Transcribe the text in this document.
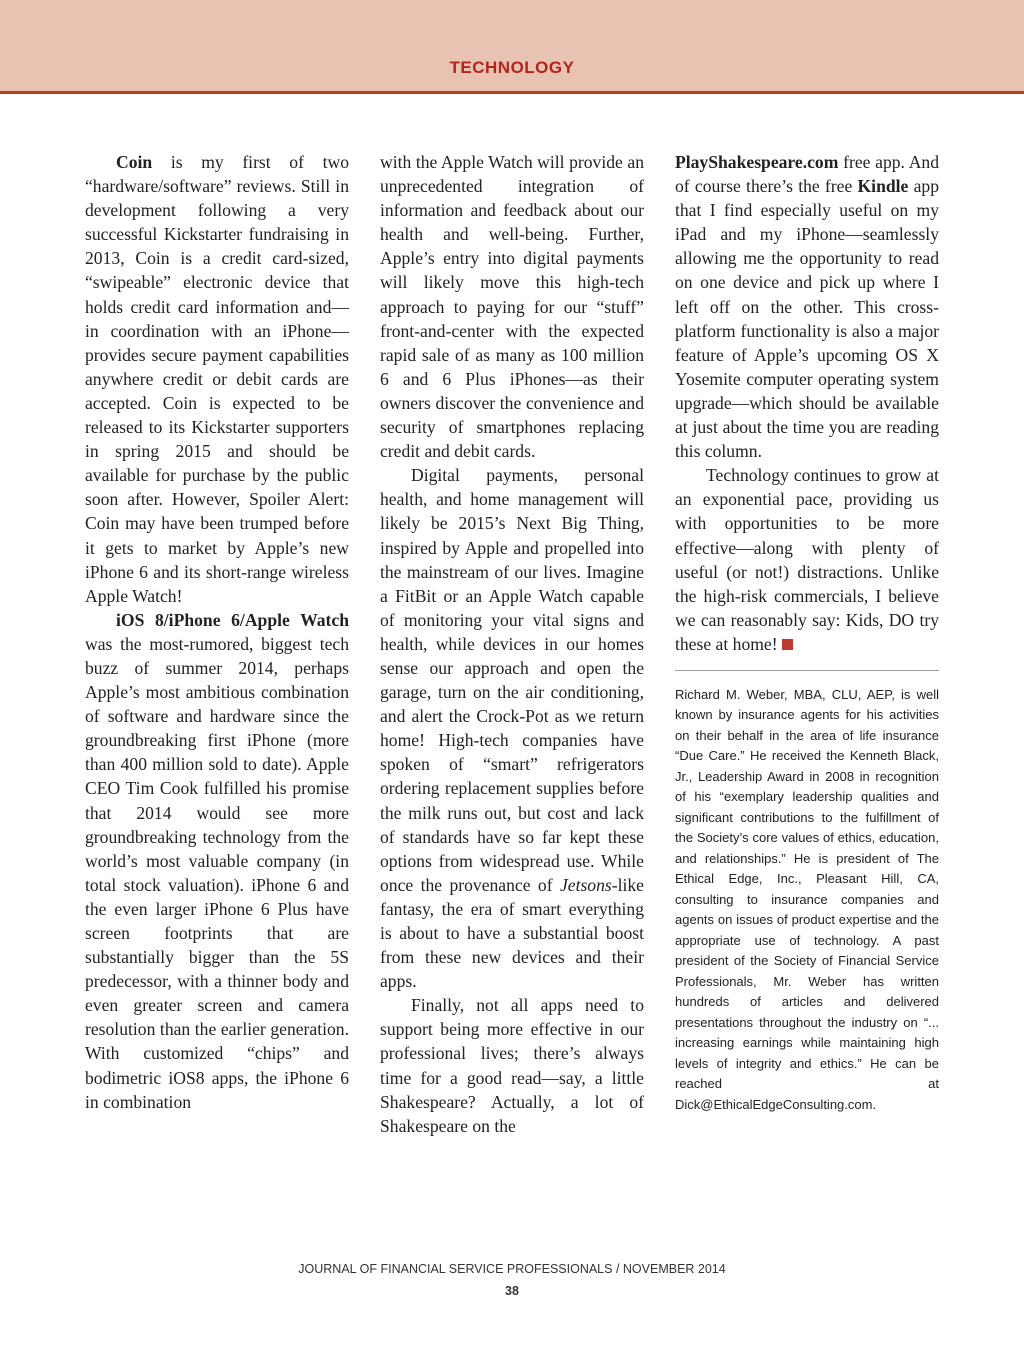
TECHNOLOGY

Coin is my first of two “hardware/software” reviews. Still in development following a very successful Kickstarter fundraising in 2013, Coin is a credit card-sized, “swipeable” electronic device that holds credit card information and—in coordination with an iPhone—provides secure payment capabilities anywhere credit or debit cards are accepted. Coin is expected to be released to its Kickstarter supporters in spring 2015 and should be available for purchase by the public soon after. However, Spoiler Alert: Coin may have been trumped before it gets to market by Apple’s new iPhone 6 and its short-range wireless Apple Watch!

iOS 8/iPhone 6/Apple Watch was the most-rumored, biggest tech buzz of summer 2014, perhaps Apple’s most ambitious combination of software and hardware since the groundbreaking first iPhone (more than 400 million sold to date). Apple CEO Tim Cook fulfilled his promise that 2014 would see more groundbreaking technology from the world’s most valuable company (in total stock valuation). iPhone 6 and the even larger iPhone 6 Plus have screen footprints that are substantially bigger than the 5S predecessor, with a thinner body and even greater screen and camera resolution than the earlier generation. With customized “chips” and bodimetric iOS8 apps, the iPhone 6 in combination

with the Apple Watch will provide an unprecedented integration of information and feedback about our health and well-being. Further, Apple’s entry into digital payments will likely move this high-tech approach to paying for our “stuff” front-and-center with the expected rapid sale of as many as 100 million 6 and 6 Plus iPhones—as their owners discover the convenience and security of smartphones replacing credit and debit cards.

Digital payments, personal health, and home management will likely be 2015’s Next Big Thing, inspired by Apple and propelled into the mainstream of our lives. Imagine a FitBit or an Apple Watch capable of monitoring your vital signs and health, while devices in our homes sense our approach and open the garage, turn on the air conditioning, and alert the Crock-Pot as we return home! High-tech companies have spoken of “smart” refrigerators ordering replacement supplies before the milk runs out, but cost and lack of standards have so far kept these options from widespread use. While once the provenance of Jetsons-like fantasy, the era of smart everything is about to have a substantial boost from these new devices and their apps.

Finally, not all apps need to support being more effective in our professional lives; there’s always time for a good read—say, a little Shakespeare? Actually, a lot of Shakespeare on the

PlayShakespeare.com free app. And of course there’s the free Kindle app that I find especially useful on my iPad and my iPhone—seamlessly allowing me the opportunity to read on one device and pick up where I left off on the other. This cross-platform functionality is also a major feature of Apple’s upcoming OS X Yosemite computer operating system upgrade—which should be available at just about the time you are reading this column.

Technology continues to grow at an exponential pace, providing us with opportunities to be more effective—along with plenty of useful (or not!) distractions. Unlike the high-risk commercials, I believe we can reasonably say: Kids, DO try these at home!

Richard M. Weber, MBA, CLU, AEP, is well known by insurance agents for his activities on their behalf in the area of life insurance “Due Care.” He received the Kenneth Black, Jr., Leadership Award in 2008 in recognition of his “exemplary leadership qualities and significant contributions to the fulfillment of the Society’s core values of ethics, education, and relationships.” He is president of The Ethical Edge, Inc., Pleasant Hill, CA, consulting to insurance companies and agents on issues of product expertise and the appropriate use of technology. A past president of the Society of Financial Service Professionals, Mr. Weber has written hundreds of articles and delivered presentations throughout the industry on “... increasing earnings while maintaining high levels of integrity and ethics.” He can be reached at Dick@EthicalEdgeConsulting.com.
JOURNAL OF FINANCIAL SERVICE PROFESSIONALS / NOVEMBER 2014
38
